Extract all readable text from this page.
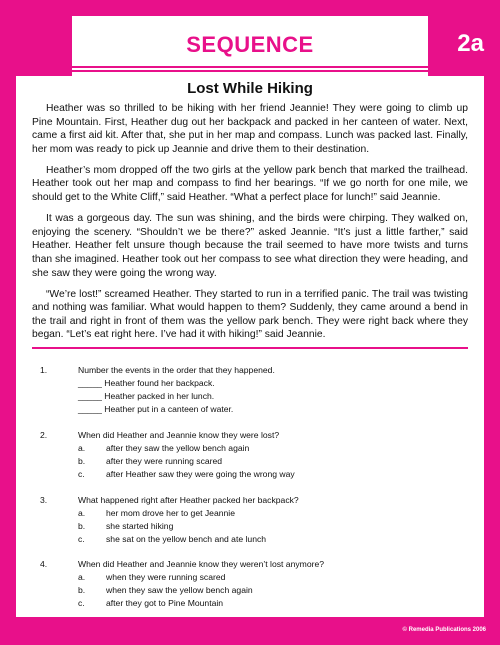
SEQUENCE	2a
Lost While Hiking

Heather was so thrilled to be hiking with her friend Jeannie! They were going to climb up Pine Mountain. First, Heather dug out her backpack and packed in her canteen of water. Next, came a first aid kit. After that, she put in her map and compass. Lunch was packed last. Finally, her mom was ready to pick up Jeannie and drive them to their destination.

Heather’s mom dropped off the two girls at the yellow park bench that marked the trailhead. Heather took out her map and compass to find her bearings. “If we go north for one mile, we should get to the White Cliff,” said Heather. “What a perfect place for lunch!” said Jeannie.

It was a gorgeous day. The sun was shining, and the birds were chirping. They walked on, enjoying the scenery. “Shouldn’t we be there?” asked Jeannie. “It’s just a little farther,” said Heather. Heather felt unsure though because the trail seemed to have more twists and turns than she imagined. Heather took out her compass to see what direction they were heading, and she saw they were going the wrong way.

“We’re lost!” screamed Heather. They started to run in a terrified panic. The trail was twisting and nothing was familiar. What would happen to them? Suddenly, they came around a bend in the trail and right in front of them was the yellow park bench. They were right back where they began. “Let’s eat right here. I’ve had it with hiking!” said Jeannie.

1.	Number the events in the order that they happened.
_____ Heather found her backpack.
_____ Heather packed in her lunch.
_____ Heather put in a canteen of water.
2.	When did Heather and Jeannie know they were lost?
a. after they saw the yellow bench again
b. after they were running scared
c. after Heather saw they were going the wrong way
3.	What happened right after Heather packed her backpack?
a. her mom drove her to get Jeannie
b. she started hiking
c. she sat on the yellow bench and ate lunch
4.	When did Heather and Jeannie know they weren’t lost anymore?
a. when they were running scared
b. when they saw the yellow bench again
c. after they got to Pine Mountain
© Remedia Publications 2006
